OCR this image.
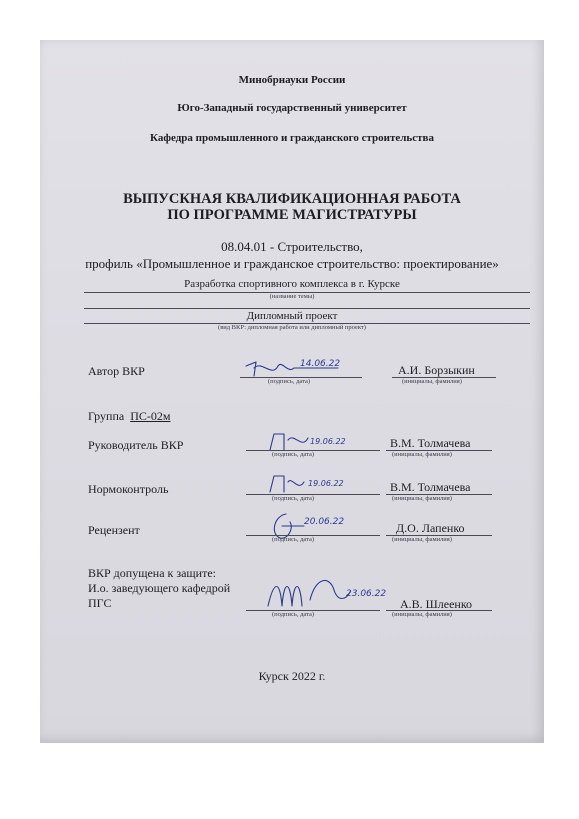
Минобрнауки России
Юго-Западный государственный университет
Кафедра промышленного и гражданского строительства
ВЫПУСКНАЯ КВАЛИФИКАЦИОННАЯ РАБОТА
ПО ПРОГРАММЕ МАГИСТРАТУРЫ
08.04.01 - Строительство,
профиль «Промышленное и гражданское строительство: проектирование»
Разработка спортивного комплекса в г. Курске
(название темы)
Дипломный проект
(вид ВКР: дипломная работа или дипломный проект)
Автор ВКР	14.06.22
(подпись, дата)
А.И. Борзыкин
(инициалы, фамилия)
Группа ПС-02м
Руководитель ВКР	19.06.22
(подпись, дата)
В.М. Толмачева
(инициалы, фамилия)
Нормоконтроль	19.06.22
(подпись, дата)
В.М. Толмачева
(инициалы, фамилия)
Рецензент
20.06.22
(подпись, дата)
Д.О. Лапенко
(инициалы, фамилия)
ВКР допущена к защите:
И.о. заведующего кафедрой
ПГС
23.06.22
(подпись, дата)
А.В. Шлеенко
(инициалы, фамилия)
Курск 2022 г.
